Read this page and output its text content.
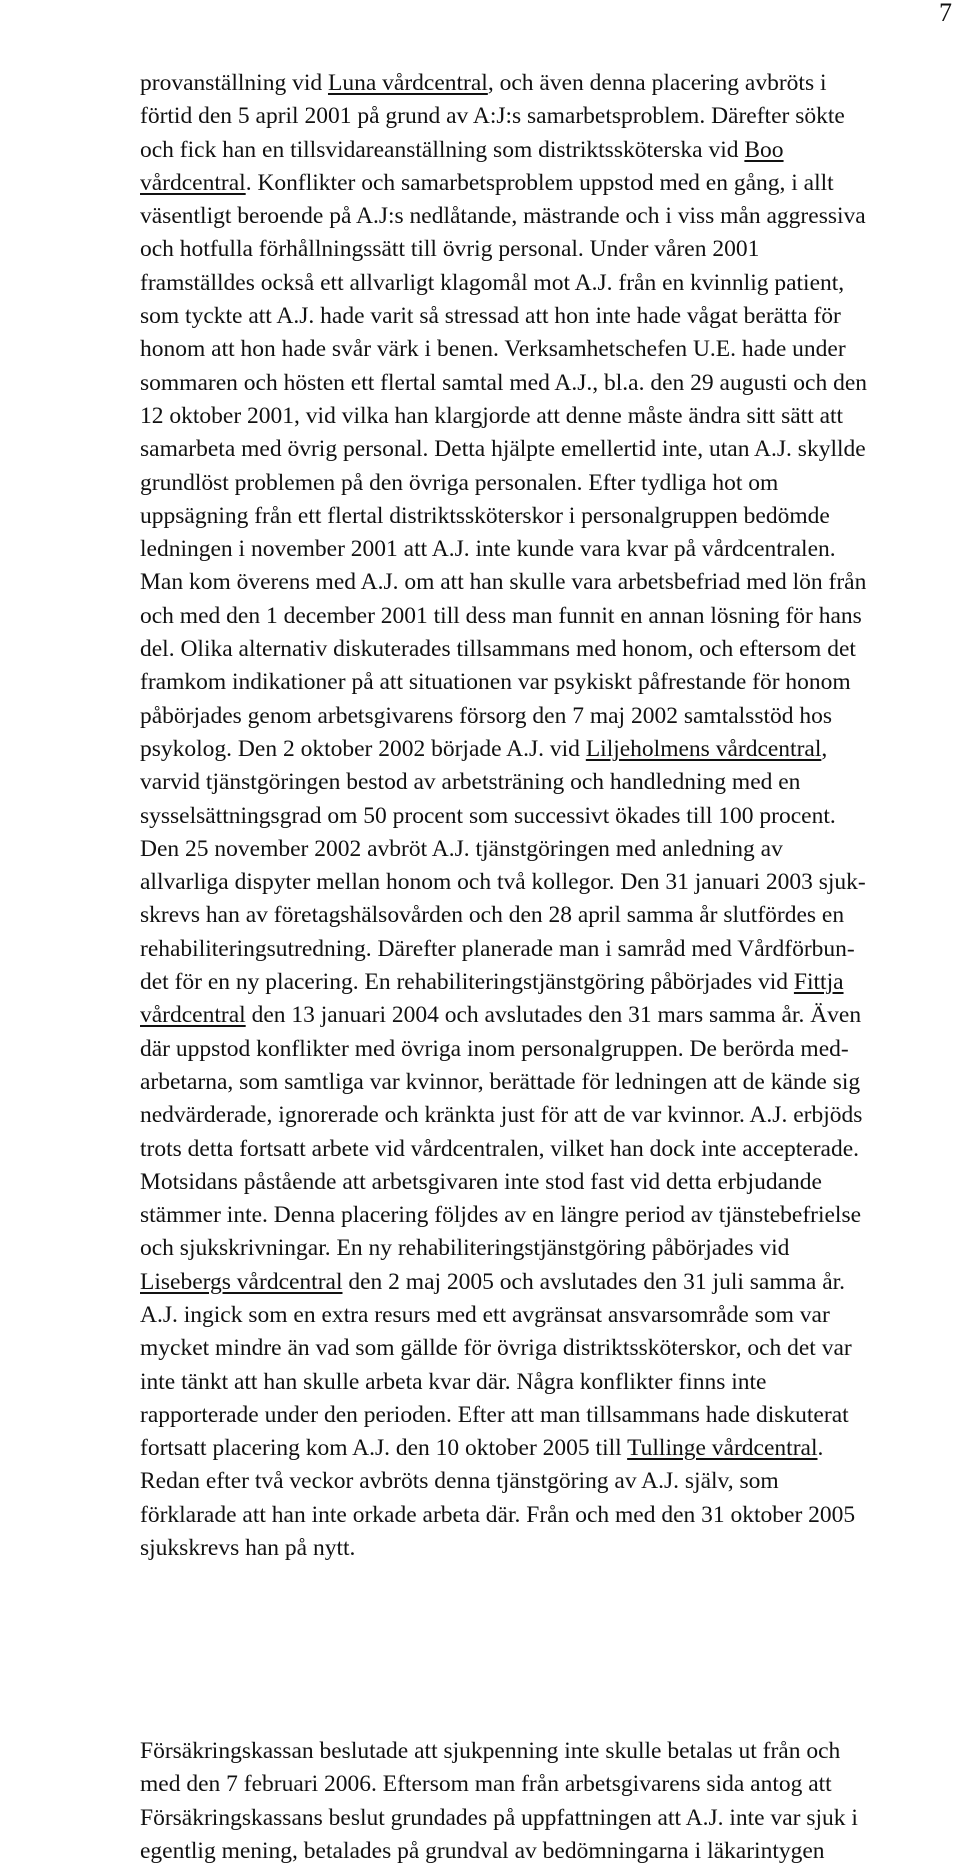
7
provanställning vid Luna vårdcentral, och även denna placering avbröts i
förtid den 5 april 2001 på grund av A:J:s samarbetsproblem. Därefter sökte
och fick han en tillsvidareanställning som distriktssköterska vid Boo
vårdcentral. Konflikter och samarbetsproblem uppstod med en gång, i allt
väsentligt beroende på A.J:s nedlåtande, mästrande och i viss mån aggressiva
och hotfulla förhållningssätt till övrig personal. Under våren 2001
framställdes också ett allvarligt klagomål mot A.J. från en kvinnlig patient,
som tyckte att A.J. hade varit så stressad att hon inte hade vågat berätta för
honom att hon hade svår värk i benen. Verksamhetschefen U.E. hade under
sommaren och hösten ett flertal samtal med A.J., bl.a. den 29 augusti och den
12 oktober 2001, vid vilka han klargjorde att denne måste ändra sitt sätt att
samarbeta med övrig personal. Detta hjälpte emellertid inte, utan A.J. skyllde
grundlöst problemen på den övriga personalen. Efter tydliga hot om
uppsägning från ett flertal distriktssköterskor i personalgruppen bedömde
ledningen i november 2001 att A.J. inte kunde vara kvar på vårdcentralen.
Man kom överens med A.J. om att han skulle vara arbetsbefriad med lön från
och med den 1 december 2001 till dess man funnit en annan lösning för hans
del. Olika alternativ diskuterades tillsammans med honom, och eftersom det
framkom indikationer på att situationen var psykiskt påfrestande för honom
påbörjades genom arbetsgivarens försorg den 7 maj 2002 samtalsstöd hos
psykolog. Den 2 oktober 2002 började A.J. vid Liljeholmens vårdcentral,
varvid tjänstgöringen bestod av arbetsträning och handledning med en
sysselsättningsgrad om 50 procent som successivt ökades till 100 procent.
Den 25 november 2002 avbröt A.J. tjänstgöringen med anledning av
allvarliga dispyter mellan honom och två kollegor. Den 31 januari 2003 sjuk-
skrevs han av företagshälsovården och den 28 april samma år slutfördes en
rehabiliteringsutredning. Därefter planerade man i samråd med Vårdförbun-
det för en ny placering. En rehabiliteringstjänstgöring påbörjades vid Fittja
vårdcentral den 13 januari 2004 och avslutades den 31 mars samma år. Även
där uppstod konflikter med övriga inom personalgruppen. De berörda med-
arbetarna, som samtliga var kvinnor, berättade för ledningen att de kände sig
nedvärderade, ignorerade och kränkta just för att de var kvinnor. A.J. erbjöds
trots detta fortsatt arbete vid vårdcentralen, vilket han dock inte accepterade.
Motsidans påstående att arbetsgivaren inte stod fast vid detta erbjudande
stämmer inte. Denna placering följdes av en längre period av tjänstebefrielse
och sjukskrivningar. En ny rehabiliteringstjänstgöring påbörjades vid
Lisebergs vårdcentral den 2 maj 2005 och avslutades den 31 juli samma år.
A.J. ingick som en extra resurs med ett avgränsat ansvarsområde som var
mycket mindre än vad som gällde för övriga distriktssköterskor, och det var
inte tänkt att han skulle arbeta kvar där. Några konflikter finns inte
rapporterade under den perioden. Efter att man tillsammans hade diskuterat
fortsatt placering kom A.J. den 10 oktober 2005 till Tullinge vårdcentral.
Redan efter två veckor avbröts denna tjänstgöring av A.J. själv, som
förklarade att han inte orkade arbeta där. Från och med den 31 oktober 2005
sjukskrevs han på nytt.
Försäkringskassan beslutade att sjukpenning inte skulle betalas ut från och
med den 7 februari 2006. Eftersom man från arbetsgivarens sida antog att
Försäkringskassans beslut grundades på uppfattningen att A.J. inte var sjuk i
egentlig mening, betalades på grundval av bedömningarna i läkarintygen
